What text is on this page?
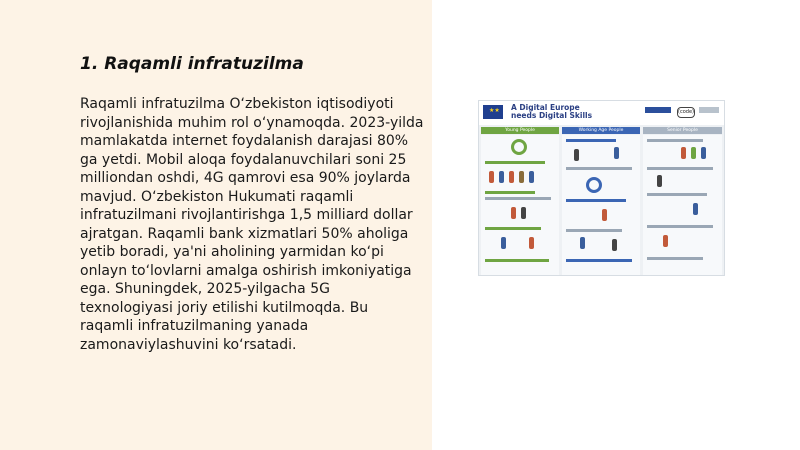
1. Raqamli infratuzilma
Raqamli infratuzilma O‘zbekiston iqtisodiyoti rivojlanishida muhim rol o‘ynamoqda. 2023-yilda mamlakatda internet foydalanish darajasi 80% ga yetdi. Mobil aloqa foydalanuvchilari soni 25 milliondan oshdi, 4G qamrovi esa 90% joylarda mavjud. O‘zbekiston Hukumati raqamli infratuzilmani rivojlantirishga 1,5 milliard dollar ajratgan. Raqamli bank xizmatlari 50% aholiga yetib boradi, ya'ni aholining yarmidan ko‘pi onlayn to‘lovlarni amalga oshirish imkoniyatiga ega. Shuningdek, 2025-yilgacha 5G texnologiyasi joriy etilishi kutilmoqda. Bu raqamli infratuzilmaning yanada zamonaviylashuvini ko‘rsatadi.
★★ A Digital Europe
needs Digital Skills	(code)
Young People	Working Age People	Senior People
